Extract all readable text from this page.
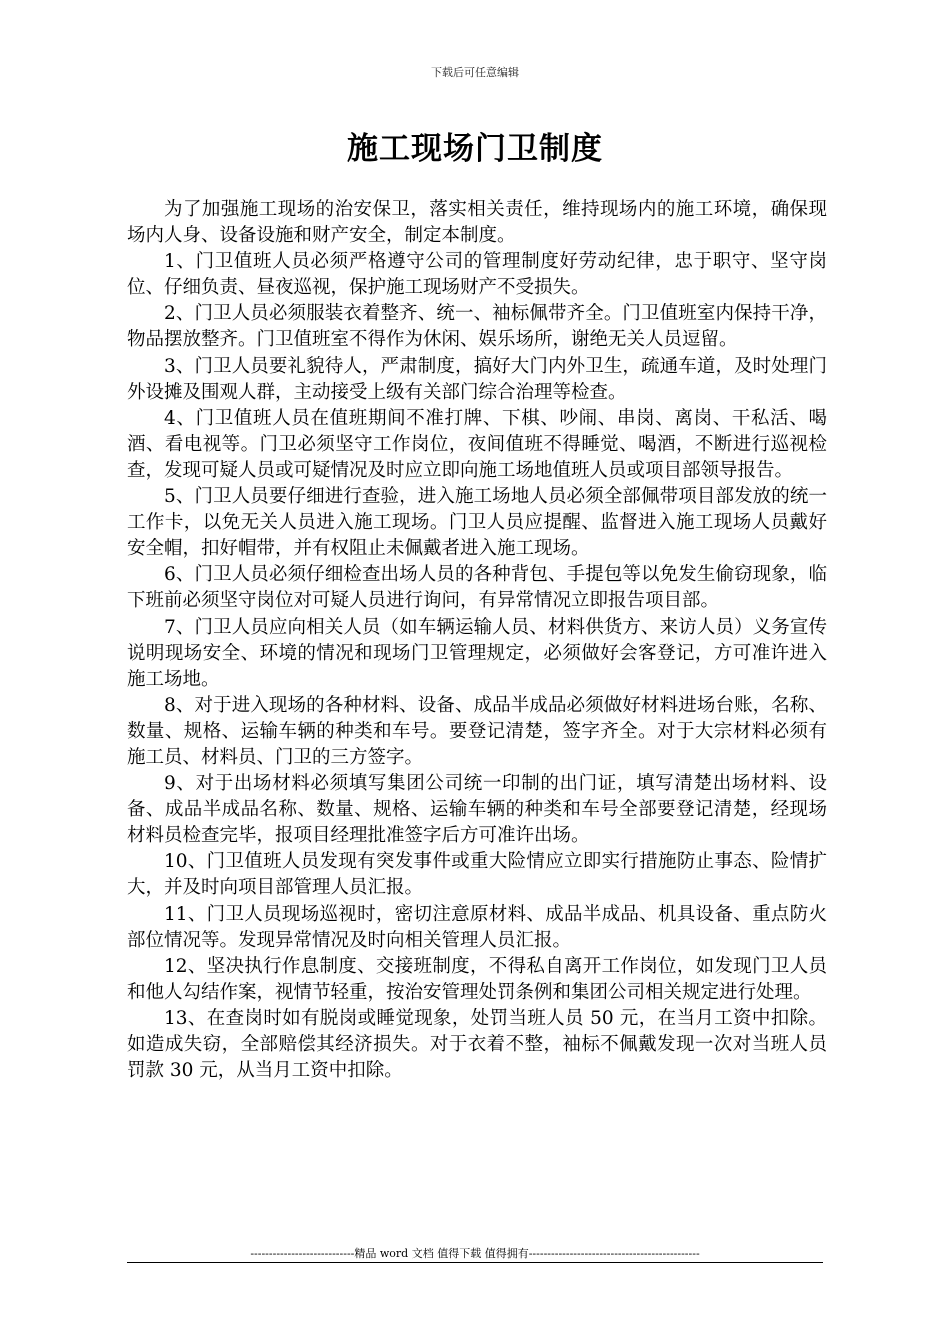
下载后可任意编辑
施工现场门卫制度

为了加强施工现场的治安保卫，落实相关责任，维持现场内的施工环境，确保现场内人身、设备设施和财产安全，制定本制度。

1、门卫值班人员必须严格遵守公司的管理制度好劳动纪律，忠于职守、坚守岗位、仔细负责、昼夜巡视，保护施工现场财产不受损失。

2、门卫人员必须服装衣着整齐、统一、袖标佩带齐全。门卫值班室内保持干净，物品摆放整齐。门卫值班室不得作为休闲、娱乐场所，谢绝无关人员逗留。

3、门卫人员要礼貌待人，严肃制度，搞好大门内外卫生，疏通车道，及时处理门外设摊及围观人群，主动接受上级有关部门综合治理等检查。

4、门卫值班人员在值班期间不准打牌、下棋、吵闹、串岗、离岗、干私活、喝酒、看电视等。门卫必须坚守工作岗位，夜间值班不得睡觉、喝酒，不断进行巡视检查，发现可疑人员或可疑情况及时应立即向施工场地值班人员或项目部领导报告。

5、门卫人员要仔细进行查验，进入施工场地人员必须全部佩带项目部发放的统一工作卡，以免无关人员进入施工现场。门卫人员应提醒、监督进入施工现场人员戴好安全帽，扣好帽带，并有权阻止未佩戴者进入施工现场。

6、门卫人员必须仔细检查出场人员的各种背包、手提包等以免发生偷窃现象，临下班前必须坚守岗位对可疑人员进行询问，有异常情况立即报告项目部。

7、门卫人员应向相关人员（如车辆运输人员、材料供货方、来访人员）义务宣传说明现场安全、环境的情况和现场门卫管理规定，必须做好会客登记，方可准许进入施工场地。

8、对于进入现场的各种材料、设备、成品半成品必须做好材料进场台账，名称、数量、规格、运输车辆的种类和车号。要登记清楚，签字齐全。对于大宗材料必须有施工员、材料员、门卫的三方签字。

9、对于出场材料必须填写集团公司统一印制的出门证，填写清楚出场材料、设备、成品半成品名称、数量、规格、运输车辆的种类和车号全部要登记清楚，经现场材料员检查完毕，报项目经理批准签字后方可准许出场。

10、门卫值班人员发现有突发事件或重大险情应立即实行措施防止事态、险情扩大，并及时向项目部管理人员汇报。

11、门卫人员现场巡视时，密切注意原材料、成品半成品、机具设备、重点防火部位情况等。发现异常情况及时向相关管理人员汇报。

12、坚决执行作息制度、交接班制度，不得私自离开工作岗位，如发现门卫人员和他人勾结作案，视情节轻重，按治安管理处罚条例和集团公司相关规定进行处理。

13、在查岗时如有脱岗或睡觉现象，处罚当班人员 50 元，在当月工资中扣除。如造成失窃，全部赔偿其经济损失。对于衣着不整，袖标不佩戴发现一次对当班人员罚款 30 元，从当月工资中扣除。

----------------------------精品 word 文档 值得下载 值得拥有----------------------------------------------
